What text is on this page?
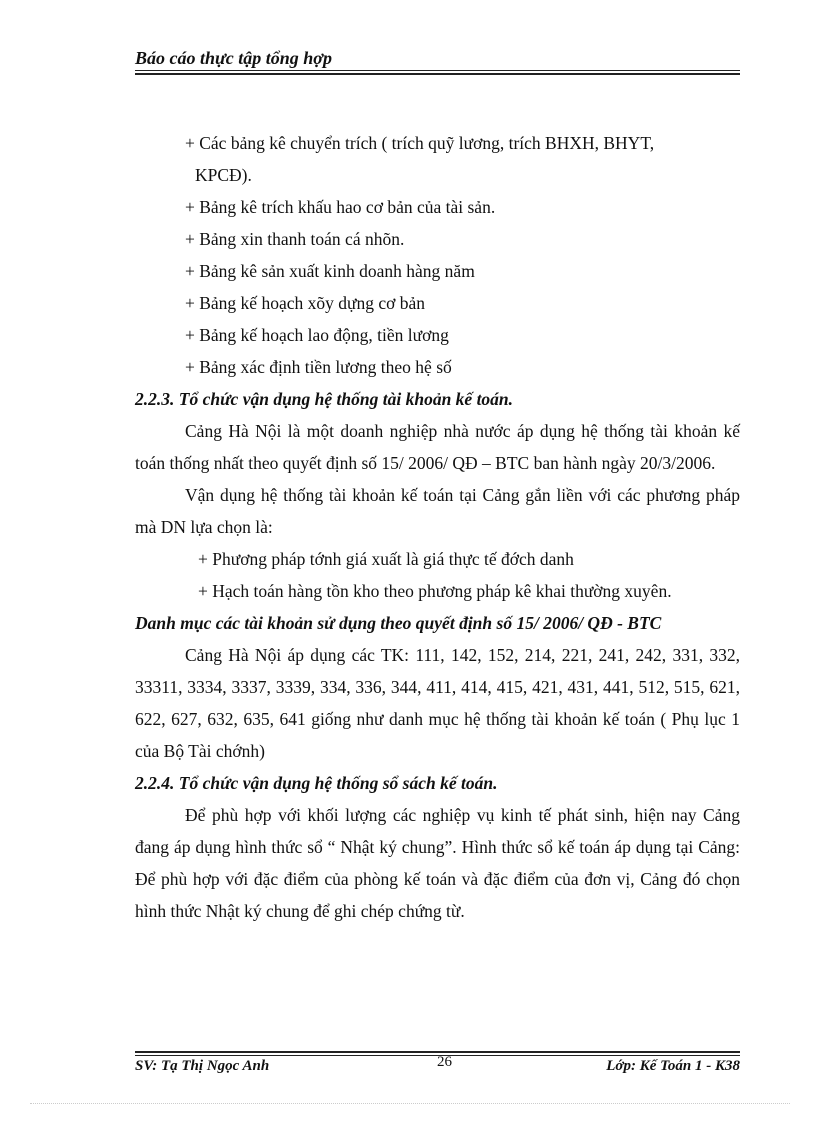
Báo cáo thực tập tổng hợp

+ Các bảng kê chuyển trích ( trích quỹ lương, trích BHXH, BHYT,

KPCĐ).

+ Bảng kê trích khấu hao cơ bản của tài sản.

+ Bảng xin thanh toán cá nhõn.

+ Bảng kê sản xuất kinh doanh hàng năm

+ Bảng kế hoạch xõy dựng cơ bản

+ Bảng kế hoạch lao động, tiền lương

+ Bảng xác định tiền lương theo hệ số

2.2.3. Tổ chức vận dụng hệ thống tài khoản kế toán.

Cảng Hà Nội là một doanh nghiệp nhà nước áp dụng hệ thống tài khoản kế toán thống nhất theo quyết định số 15/ 2006/ QĐ – BTC ban hành ngày 20/3/2006.

Vận dụng hệ thống tài khoản kế toán tại Cảng gắn liền với các phương pháp mà DN lựa chọn là:

+ Phương pháp tớnh giá xuất là giá thực tế đớch danh

+ Hạch toán hàng tồn kho theo phương pháp kê khai thường xuyên.

Danh mục các tài khoản sử dụng theo quyết định số 15/ 2006/ QĐ - BTC

Cảng Hà Nội áp dụng các TK: 111, 142, 152, 214, 221, 241, 242, 331, 332, 33311, 3334, 3337, 3339, 334, 336, 344, 411, 414, 415, 421, 431, 441, 512, 515, 621, 622, 627, 632, 635, 641 giống như danh mục hệ thống tài khoản kế toán ( Phụ lục 1 của Bộ Tài chớnh)

2.2.4. Tổ chức vận dụng hệ thống sổ sách kế toán.

Để phù hợp với khối lượng các nghiệp vụ kinh tế phát sinh, hiện nay Cảng đang áp dụng hình thức sổ “ Nhật ký chung”. Hình thức sổ kế toán áp dụng tại Cảng: Để phù hợp với đặc điểm của phòng kế toán và đặc điểm của đơn vị, Cảng đó chọn hình thức Nhật ký chung để ghi chép chứng từ.

SV: Tạ Thị Ngọc Anh	26	Lớp: Kế Toán 1 - K38
